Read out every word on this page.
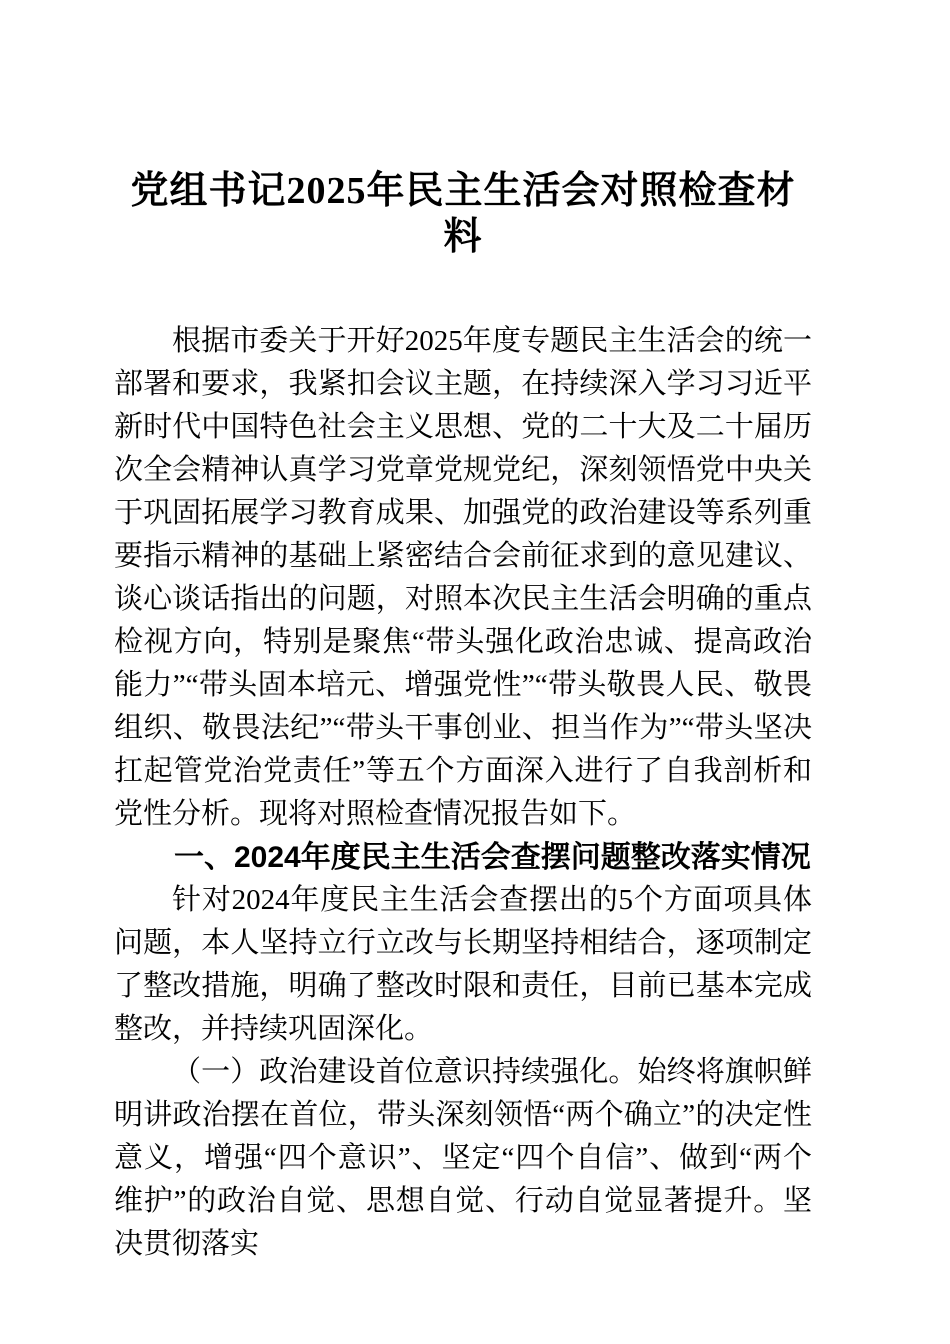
党组书记2025年民主生活会对照检查材料

根据市委关于开好2025年度专题民主生活会的统一部署和要求，我紧扣会议主题，在持续深入学习习近平新时代中国特色社会主义思想、党的二十大及二十届历次全会精神认真学习党章党规党纪，深刻领悟党中央关于巩固拓展学习教育成果、加强党的政治建设等系列重要指示精神的基础上紧密结合会前征求到的意见建议、谈心谈话指出的问题，对照本次民主生活会明确的重点检视方向，特别是聚焦“带头强化政治忠诚、提高政治能力”“带头固本培元、增强党性”“带头敬畏人民、敬畏组织、敬畏法纪”“带头干事创业、担当作为”“带头坚决扛起管党治党责任”等五个方面深入进行了自我剖析和党性分析。现将对照检查情况报告如下。

一、2024年度民主生活会查摆问题整改落实情况

针对2024年度民主生活会查摆出的5个方面项具体问题，本人坚持立行立改与长期坚持相结合，逐项制定了整改措施，明确了整改时限和责任，目前已基本完成整改，并持续巩固深化。

（一）政治建设首位意识持续强化。始终将旗帜鲜明讲政治摆在首位，带头深刻领悟“两个确立”的决定性意义，增强“四个意识”、坚定“四个自信”、做到“两个维护”的政治自觉、思想自觉、行动自觉显著提升。坚决贯彻落实
